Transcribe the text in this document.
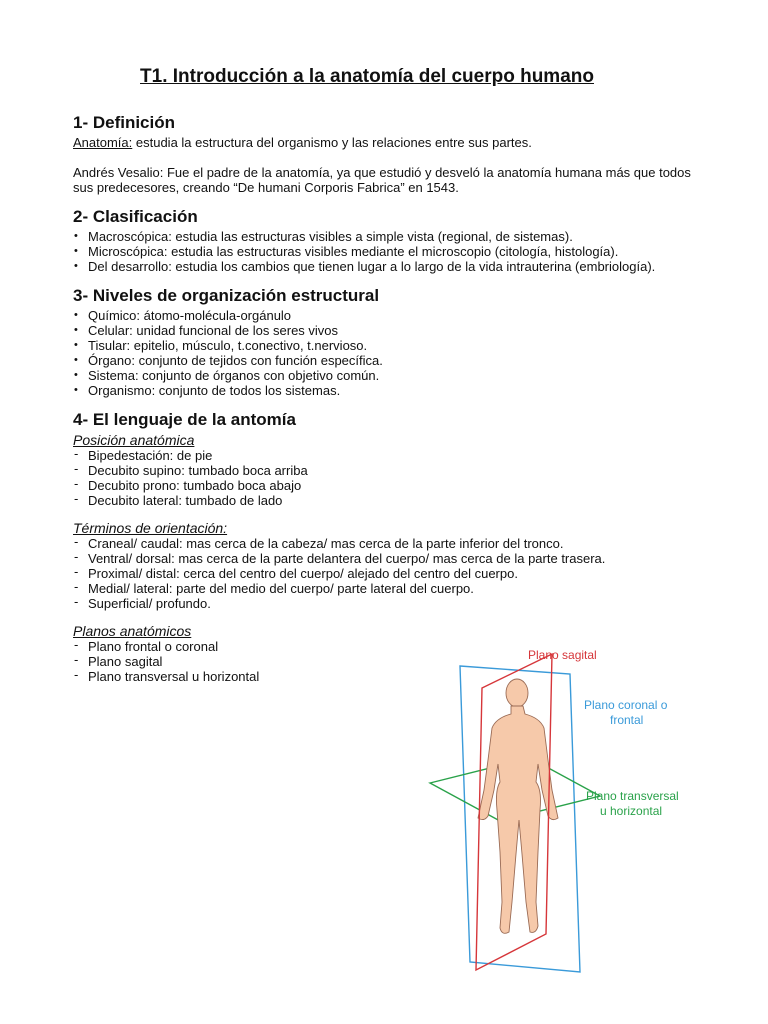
T1. Introducción a la anatomía del cuerpo humano
1- Definición

Anatomía: estudia la estructura del organismo y las relaciones entre sus partes.

Andrés Vesalio: Fue el padre de la anatomía, ya que estudió y desveló la anatomía humana más que todos sus predecesores, creando “De humani Corporis Fabrica” en 1543.

2- Clasificación
• Macroscópica: estudia las estructuras visibles a simple vista (regional, de sistemas).
• Microscópica: estudia las estructuras visibles mediante el microscopio (citología, histología).
• Del desarrollo: estudia los cambios que tienen lugar a lo largo de la vida intrauterina (embriología).
3- Niveles de organización estructural
• Químico: átomo-molécula-orgánulo
• Celular: unidad funcional de los seres vivos
• Tisular: epitelio, músculo, t.conectivo, t.nervioso.
• Órgano: conjunto de tejidos con función específica.
• Sistema: conjunto de órganos con objetivo común.
• Organismo: conjunto de todos los sistemas.
4- El lenguaje de la antomía

Posición anatómica

- Bipedestación: de pie
- Decubito supino: tumbado boca arriba
- Decubito prono: tumbado boca abajo
- Decubito lateral: tumbado de lado

Términos de orientación:

- Craneal/ caudal: mas cerca de la cabeza/ mas cerca de la parte inferior del tronco.
- Ventral/ dorsal: mas cerca de la parte delantera del cuerpo/ mas cerca de la parte trasera.
- Proximal/ distal: cerca del centro del cuerpo/ alejado del centro del cuerpo.
- Medial/ lateral: parte del medio del cuerpo/ parte lateral del cuerpo.
- Superficial/ profundo.

Planos anatómicos

- Plano frontal o coronal
- Plano sagital
- Plano transversal u horizontal
Plano sagital
Plano coronal o
frontal
Plano transversal
u horizontal
